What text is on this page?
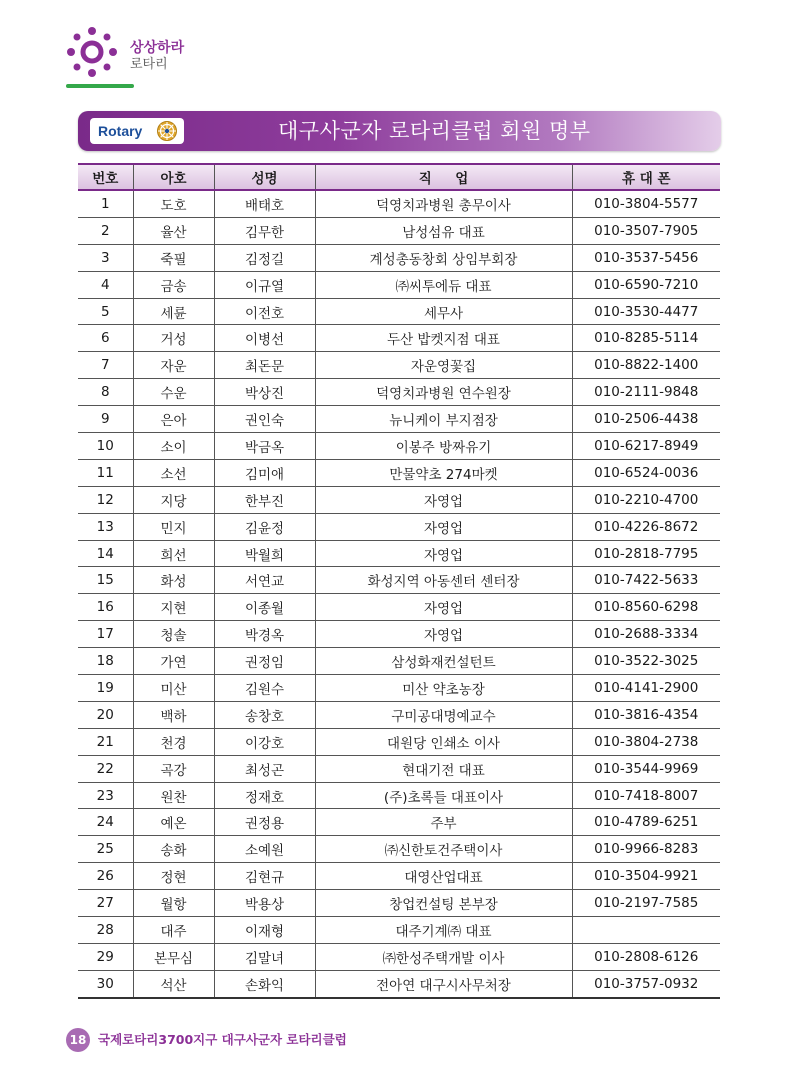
상상하라
로타리
Rotary	대구사군자 로타리클럽 회원 명부
번호	아호	성명	직     업	휴 대 폰
1	도호	배태호	덕영치과병원 총무이사	010-3804-5577
2	율산	김무한	남성섬유 대표	010-3507-7905
3	죽필	김정길	계성총동창회 상임부회장	010-3537-5456
4	금송	이규열	㈜씨투에듀 대표	010-6590-7210
5	세륜	이전호	세무사	010-3530-4477
6	거성	이병선	두산 밥켓지점 대표	010-8285-5114
7	자운	최돈문	자운영꽃집	010-8822-1400
8	수운	박상진	덕영치과병원 연수원장	010-2111-9848
9	은아	권인숙	뉴니케이 부지점장	010-2506-4438
10	소이	박금옥	이봉주 방짜유기	010-6217-8949
11	소선	김미애	만물약초 274마켓	010-6524-0036
12	지당	한부진	자영업	010-2210-4700
13	민지	김윤정	자영업	010-4226-8672
14	희선	박월희	자영업	010-2818-7795
15	화성	서연교	화성지역 아동센터 센터장	010-7422-5633
16	지현	이종월	자영업	010-8560-6298
17	청솔	박경옥	자영업	010-2688-3334
18	가연	권정임	삼성화재컨설턴트	010-3522-3025
19	미산	김원수	미산 약초농장	010-4141-2900
20	백하	송창호	구미공대명예교수	010-3816-4354
21	천경	이강호	대원당 인쇄소 이사	010-3804-2738
22	곡강	최성곤	현대기전 대표	010-3544-9969
23	원찬	정재호	(주)초록들 대표이사	010-7418-8007
24	예온	권정용	주부	010-4789-6251
25	송화	소예원	㈜신한토건주택이사	010-9966-8283
26	정현	김현규	대영산업대표	010-3504-9921
27	월항	박용상	창업컨설팅 본부장	010-2197-7585
28	대주	이재형	대주기계㈜ 대표	
29	본무심	김말녀	㈜한성주택개발 이사	010-2808-6126
30	석산	손화익	전아연 대구시사무처장	010-3757-0932
18 국제로타리3700지구 대구사군자 로타리클럽
